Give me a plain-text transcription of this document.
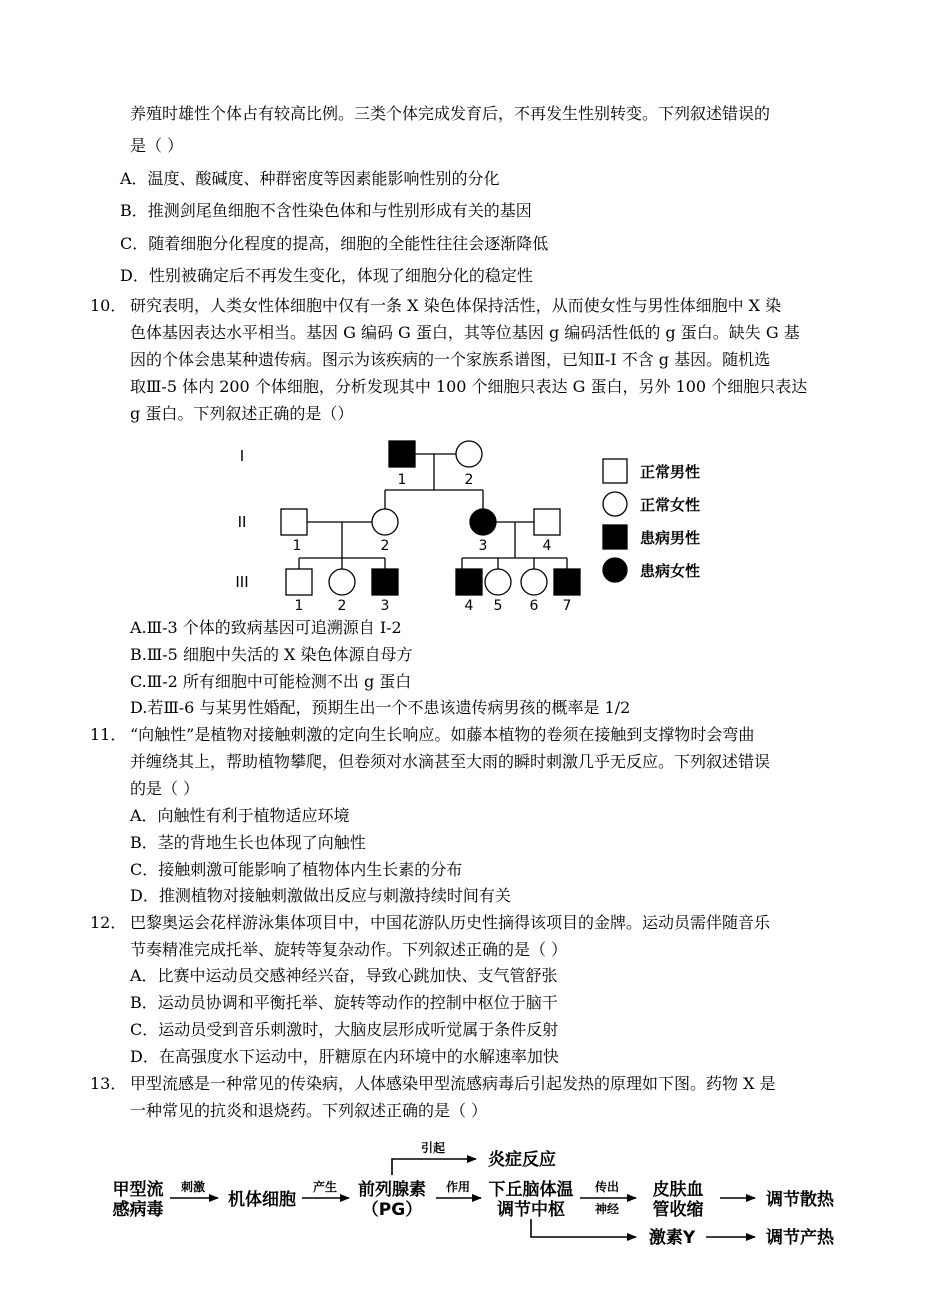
养殖时雄性个体占有较高比例。三类个体完成发育后，不再发生性别转变。下列叙述错误的
是（ ）
A．温度、酸碱度、种群密度等因素能影响性别的分化
B．推测剑尾鱼细胞不含性染色体和与性别形成有关的基因
C．随着细胞分化程度的提高，细胞的全能性往往会逐渐降低
D．性别被确定后不再发生变化，体现了细胞分化的稳定性
10． 研究表明，人类女性体细胞中仅有一条 X 染色体保持活性，从而使女性与男性体细胞中 X 染
色体基因表达水平相当。基因 G 编码 G 蛋白，其等位基因 g 编码活性低的 g 蛋白。缺失 G 基
因的个体会患某种遗传病。图示为该疾病的一个家族系谱图，已知Ⅱ-I 不含 g 基因。随机选
取Ⅲ-5 体内 200 个体细胞，分析发现其中 100 个细胞只表达 G 蛋白，另外 100 个细胞只表达
g 蛋白。下列叙述正确的是（）
I
II
III
1	2
1	2	3	4
1 2 3	4 5 6 7
正常男性
正常女性
患病男性
患病女性
A.Ⅲ-3 个体的致病基因可追溯源自 I-2
B.Ⅲ-5 细胞中失活的 X 染色体源自母方
C.Ⅲ-2 所有细胞中可能检测不出 g 蛋白
D.若Ⅲ-6 与某男性婚配，预期生出一个不患该遗传病男孩的概率是 1/2
11． “向触性”是植物对接触刺激的定向生长响应。如藤本植物的卷须在接触到支撑物时会弯曲
并缠绕其上，帮助植物攀爬，但卷须对水滴甚至大雨的瞬时刺激几乎无反应。下列叙述错误
的是（ ）
A．向触性有利于植物适应环境
B．茎的背地生长也体现了向触性
C．接触刺激可能影响了植物体内生长素的分布
D．推测植物对接触刺激做出反应与刺激持续时间有关
12． 巴黎奥运会花样游泳集体项目中，中国花游队历史性摘得该项目的金牌。运动员需伴随音乐
节奏精准完成托举、旋转等复杂动作。下列叙述正确的是（ ）
A．比赛中运动员交感神经兴奋，导致心跳加快、支气管舒张
B．运动员协调和平衡托举、旋转等动作的控制中枢位于脑干
C．运动员受到音乐刺激时，大脑皮层形成听觉属于条件反射
D．在高强度水下运动中，肝糖原在内环境中的水解速率加快
13． 甲型流感是一种常见的传染病，人体感染甲型流感病毒后引起发热的原理如下图。药物 X 是
一种常见的抗炎和退烧药。下列叙述正确的是（ ）
甲型流
感病毒	机体细胞	前列腺素
（PG）
炎症反应
下丘脑体温
调节中枢
皮肤血
管收缩	调节散热
激素Y	调节产热
刺激	产生	作用
引起
传出
神经
